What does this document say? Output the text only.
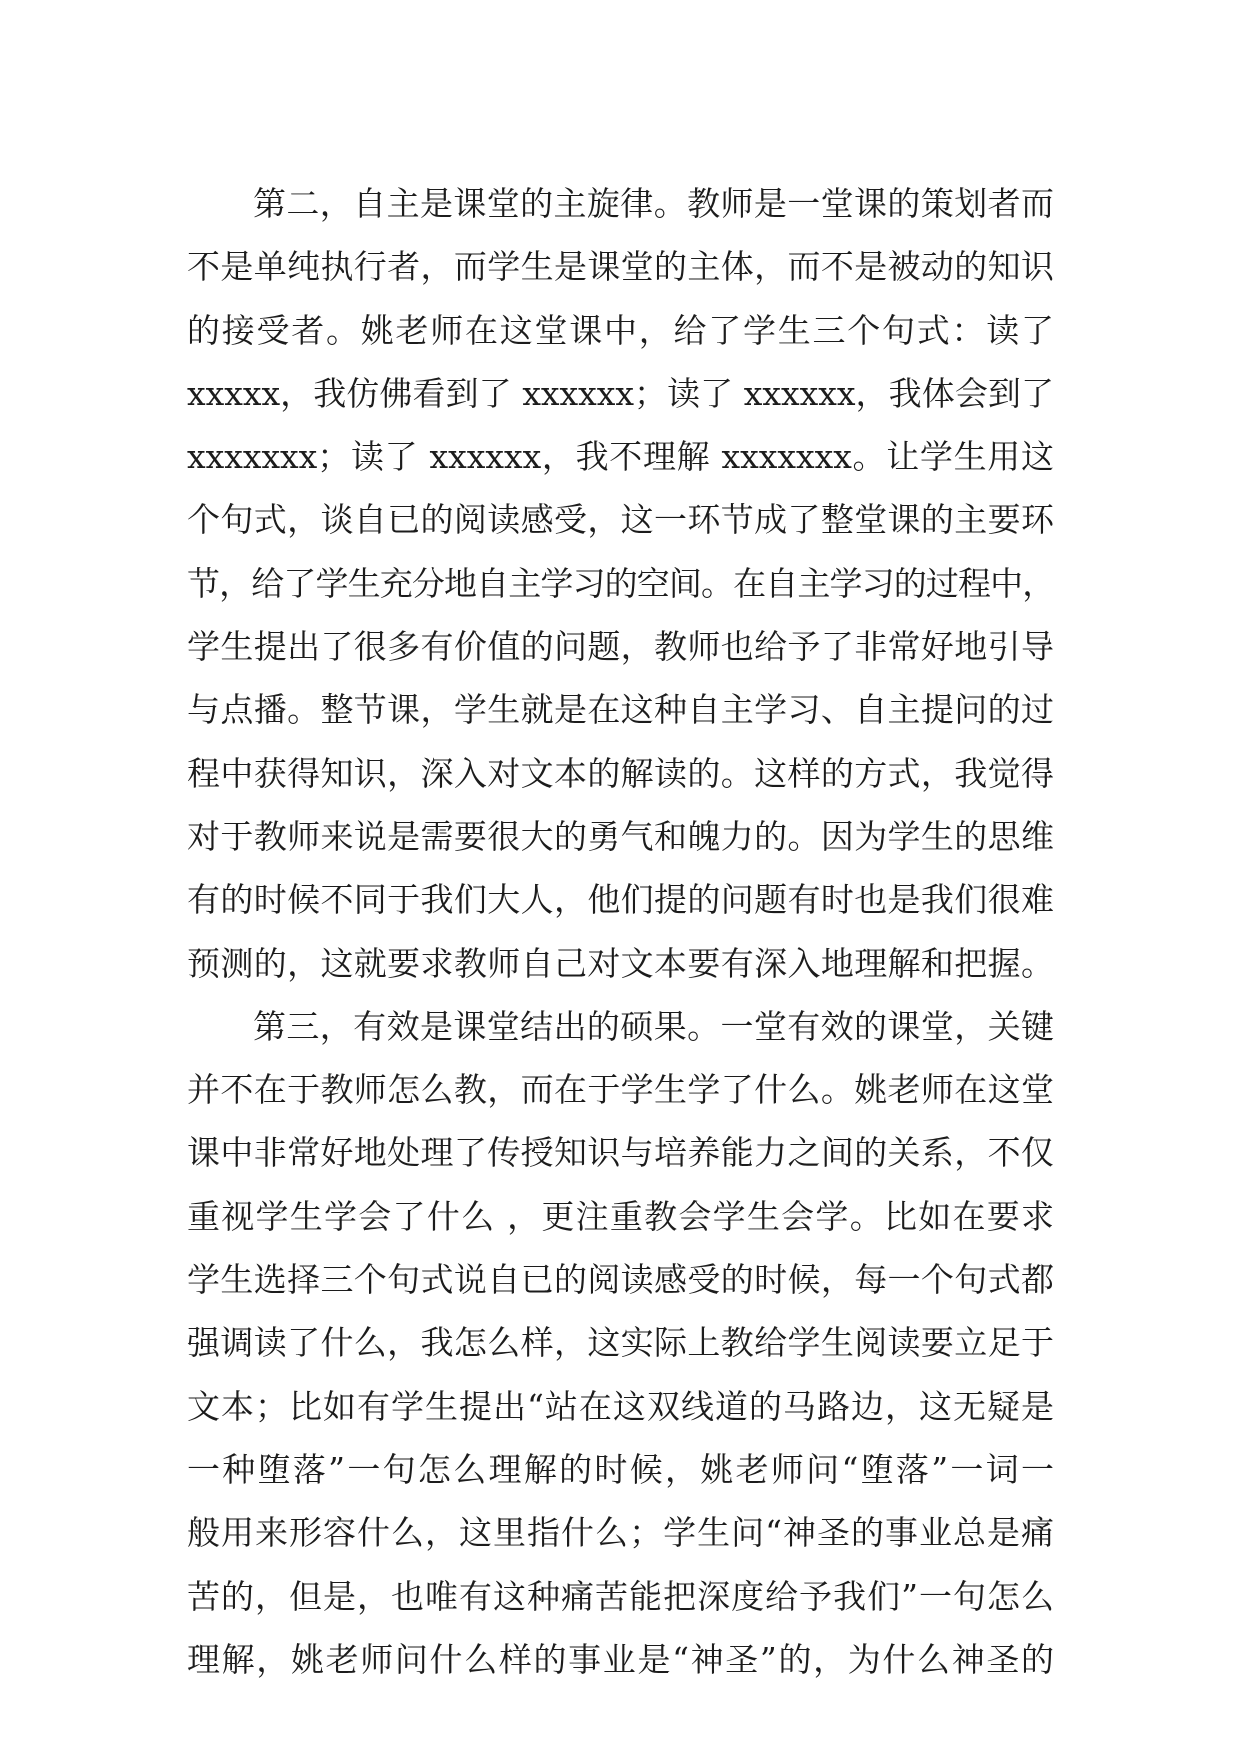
第二，自主是课堂的主旋律。教师是一堂课的策划者而
不是单纯执行者，而学生是课堂的主体，而不是被动的知识
的接受者。姚老师在这堂课中，给了学生三个句式：读了
xxxxx，我仿佛看到了 xxxxxx；读了 xxxxxx，我体会到了
xxxxxxx；读了 xxxxxx，我不理解 xxxxxxx。让学生用这
个句式，谈自已的阅读感受，这一环节成了整堂课的主要环
节，给了学生充分地自主学习的空间。在自主学习的过程中，
学生提出了很多有价值的问题，教师也给予了非常好地引导
与点播。整节课，学生就是在这种自主学习、自主提问的过
程中获得知识，深入对文本的解读的。这样的方式，我觉得
对于教师来说是需要很大的勇气和魄力的。因为学生的思维
有的时候不同于我们大人，他们提的问题有时也是我们很难
预测的，这就要求教师自己对文本要有深入地理解和把握。
第三，有效是课堂结出的硕果。一堂有效的课堂，关键
并不在于教师怎么教，而在于学生学了什么。姚老师在这堂
课中非常好地处理了传授知识与培养能力之间的关系，不仅
重视学生学会了什么 ，更注重教会学生会学。比如在要求
学生选择三个句式说自已的阅读感受的时候，每一个句式都
强调读了什么，我怎么样，这实际上教给学生阅读要立足于
文本；比如有学生提出“站在这双线道的马路边，这无疑是
一种堕落”一句怎么理解的时候，姚老师问“堕落”一词一
般用来形容什么，这里指什么；学生问“神圣的事业总是痛
苦的，但是，也唯有这种痛苦能把深度给予我们”一句怎么
理解，姚老师问什么样的事业是“神圣”的，为什么神圣的
